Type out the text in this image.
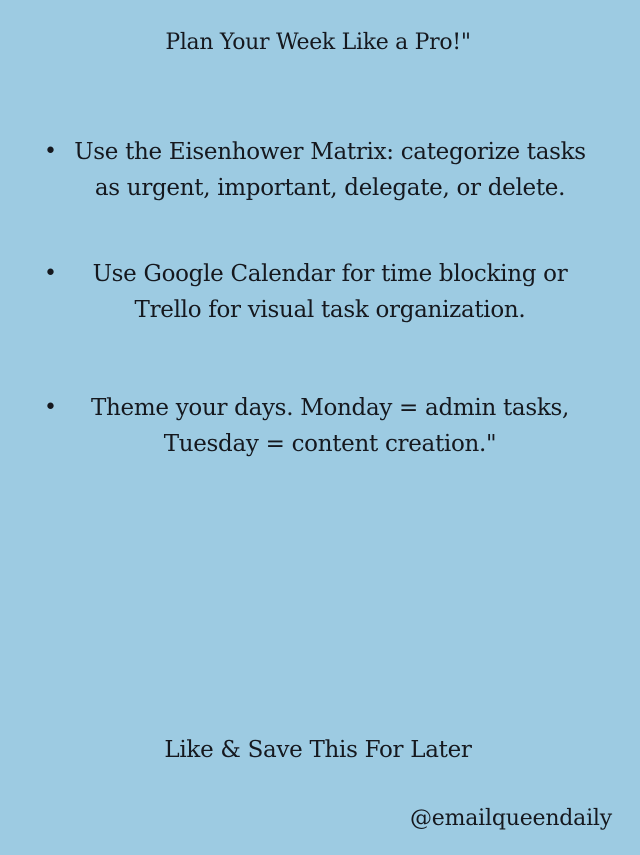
Plan Your Week Like a Pro!"
• Use the Eisenhower Matrix: categorize tasks
as urgent, important, delegate, or delete.
•	Use Google Calendar for time blocking or
Trello for visual task organization.
•	Theme your days. Monday = admin tasks,
Tuesday = content creation."
Like & Save This For Later
@emailqueendaily
